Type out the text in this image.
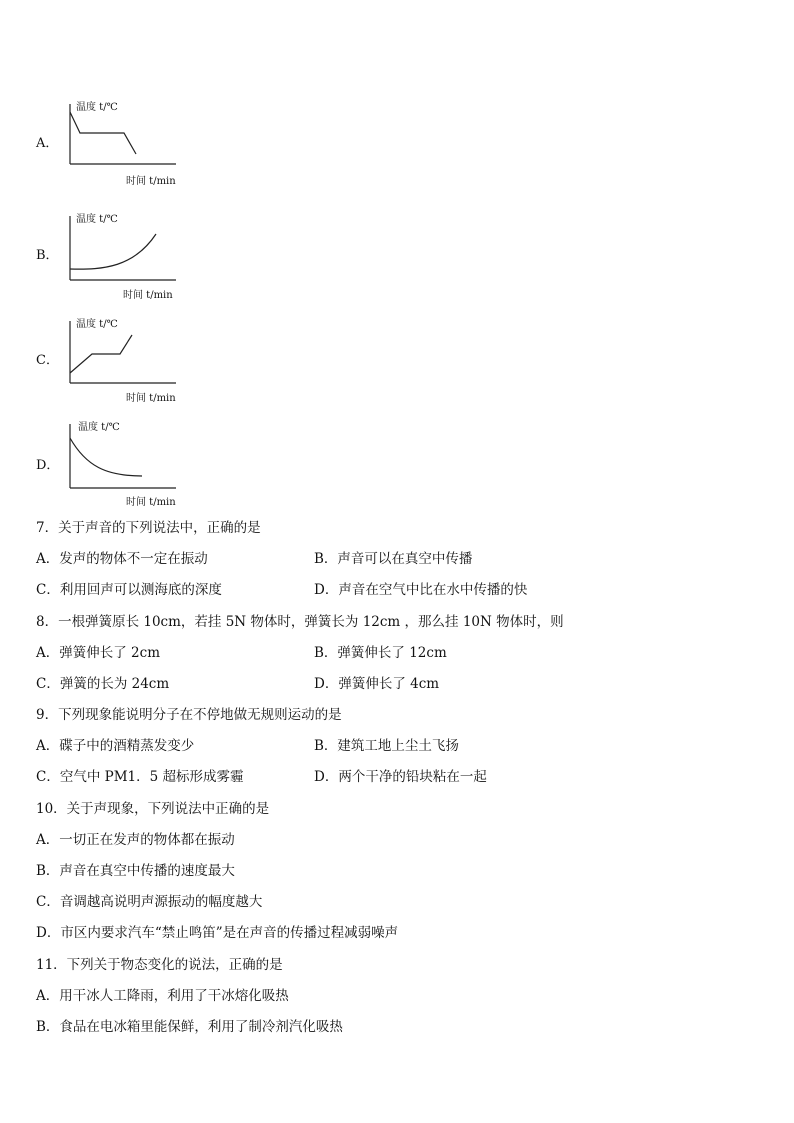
A．
温度 t/℃
时间 t/min
B．
温度 t/℃
时间 t/min
C．
温度 t/℃
时间 t/min
D．
温度 t/℃
时间 t/min
7．关于声音的下列说法中，正确的是
A．发声的物体不一定在振动	B．声音可以在真空中传播
C．利用回声可以测海底的深度	D．声音在空气中比在水中传播的快
8．一根弹簧原长 10cm，若挂 5N 物体时，弹簧长为 12cm ，那么挂 10N 物体时，则
A．弹簧伸长了 2cm	B．弹簧伸长了 12cm
C．弹簧的长为 24cm	D．弹簧伸长了 4cm
9．下列现象能说明分子在不停地做无规则运动的是
A．碟子中的酒精蒸发变少	B．建筑工地上尘土飞扬
C．空气中 PM1．5 超标形成雾霾	D．两个干净的铅块粘在一起
10．关于声现象，下列说法中正确的是
A．一切正在发声的物体都在振动
B．声音在真空中传播的速度最大
C．音调越高说明声源振动的幅度越大
D．市区内要求汽车“禁止鸣笛”是在声音的传播过程减弱噪声
11．下列关于物态变化的说法，正确的是
A．用干冰人工降雨，利用了干冰熔化吸热
B．食品在电冰箱里能保鲜，利用了制冷剂汽化吸热
